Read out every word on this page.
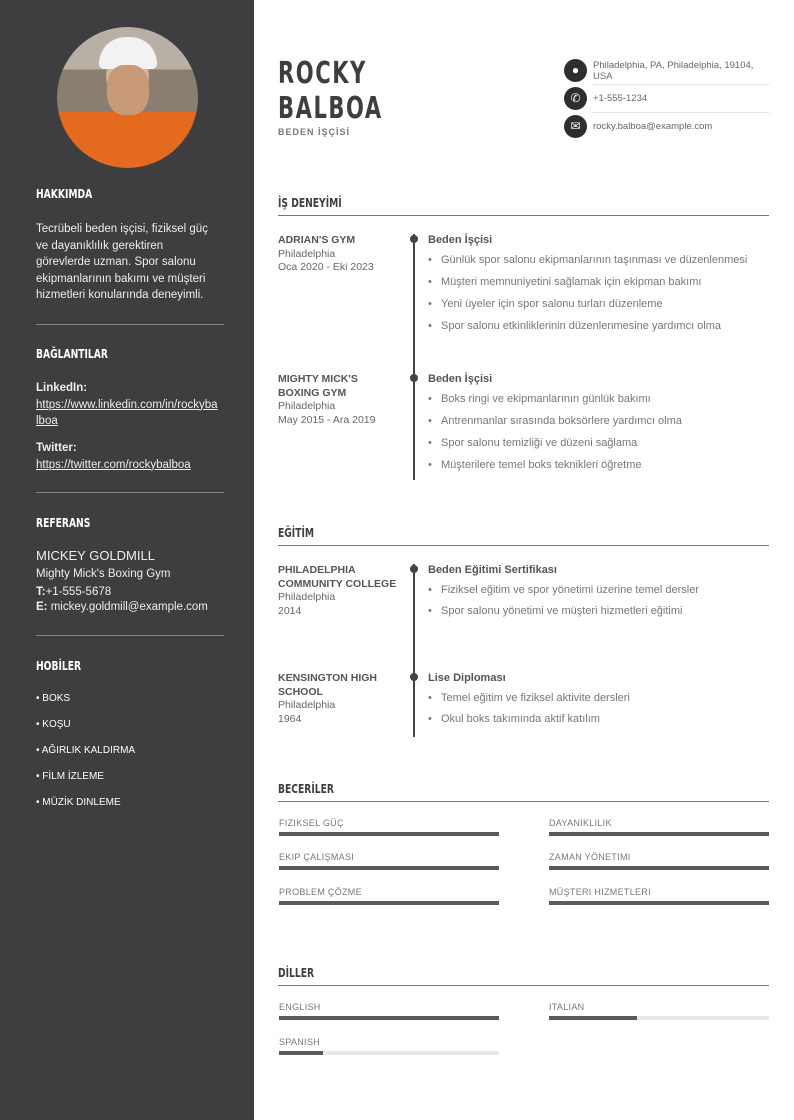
HAKKIMDA
Tecrübeli beden işçisi, fiziksel güç ve dayanıklılık gerektiren görevlerde uzman. Spor salonu ekipmanlarının bakımı ve müşteri hizmetleri konularında deneyimli.
BAĞLANTILAR
LinkedIn:
https://www.linkedin.com/in/rockybalboa
Twitter:
https://twitter.com/rockybalboa
REFERANS
MICKEY GOLDMILL
Mighty Mick's Boxing Gym
T:+1-555-5678
E: mickey.goldmill@example.com
HOBİLER
• BOKS
• KOŞU
• AĞIRLIK KALDIRMA
• FİLM İZLEME
• MÜZİK DINLEME
ROCKY
BALBOA
BEDEN İŞÇİSİ
●	Philadelphia, PA, Philadelphia, 19104, USA
✆	+1-555-1234
✉	rocky.balboa@example.com
İŞ DENEYİMİ
ADRIAN'S GYM
Philadelphia
Oca 2020 - Eki 2023
Beden İşçisi
• Günlük spor salonu ekipmanlarının taşınması ve düzenlenmesi
• Müşteri memnuniyetini sağlamak için ekipman bakımı
• Yeni üyeler için spor salonu turları düzenleme
• Spor salonu etkinliklerinin düzenlenmesine yardımcı olma
MIGHTY MICK'S BOXING GYM
Philadelphia
May 2015 - Ara 2019
Beden İşçisi
• Boks ringi ve ekipmanlarının günlük bakımı
• Antrenmanlar sırasında boksörlere yardımcı olma
• Spor salonu temizliği ve düzeni sağlama
• Müşterilere temel boks teknikleri öğretme
PHILADELPHIA COMMUNITY COLLEGE
Philadelphia
2014
Beden Eğitimi Sertifikası
• Fiziksel eğitim ve spor yönetimi üzerine temel dersler
• Spor salonu yönetimi ve müşteri hizmetleri eğitimi
KENSINGTON HIGH SCHOOL
Philadelphia
1964
Lise Diploması
• Temel eğitim ve fiziksel aktivite dersleri
• Okul boks takımında aktif katılım
FIZIKSEL GÜÇ	DAYANIKLILIK
EKIP ÇALIŞMASI	ZAMAN YÖNETIMI
PROBLEM ÇÖZME	MÜŞTERI HIZMETLERI
ENGLISH	ITALIAN
SPANISH
EĞİTİM
BECERİLER
DİLLER
